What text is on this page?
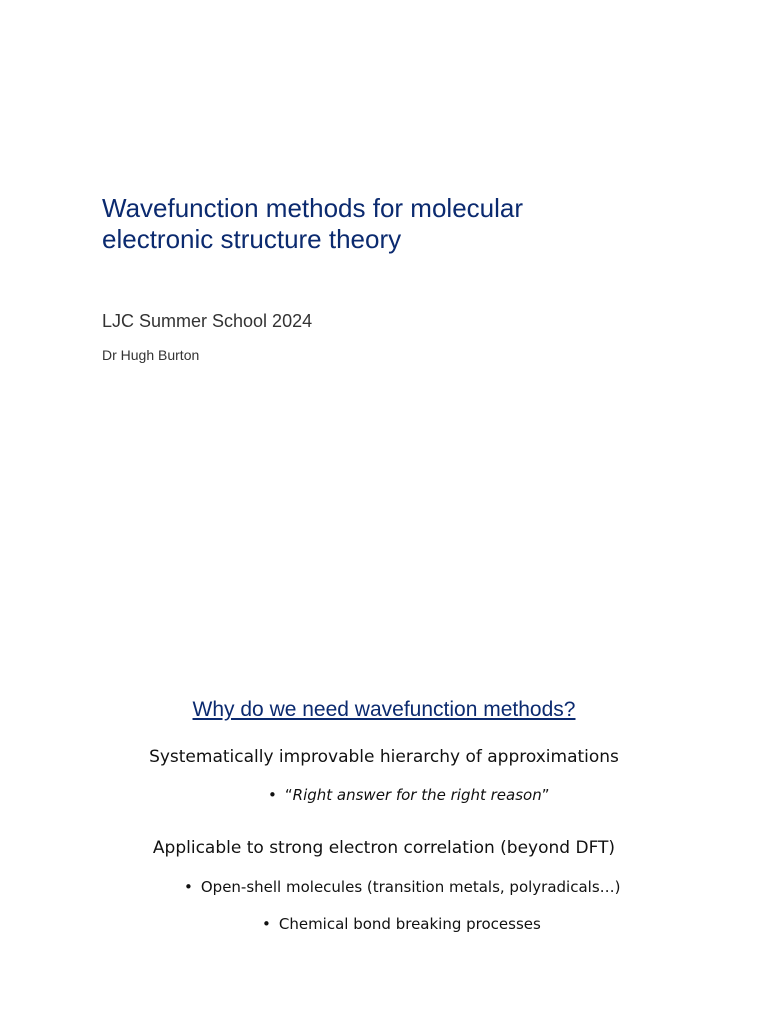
Wavefunction methods for molecular
electronic structure theory

LJC Summer School 2024

Dr Hugh Burton

Why do we need wavefunction methods?

Systematically improvable hierarchy of approximations

• “Right answer for the right reason”

Applicable to strong electron correlation (beyond DFT)

• Open-shell molecules (transition metals, polyradicals…)

• Chemical bond breaking processes
